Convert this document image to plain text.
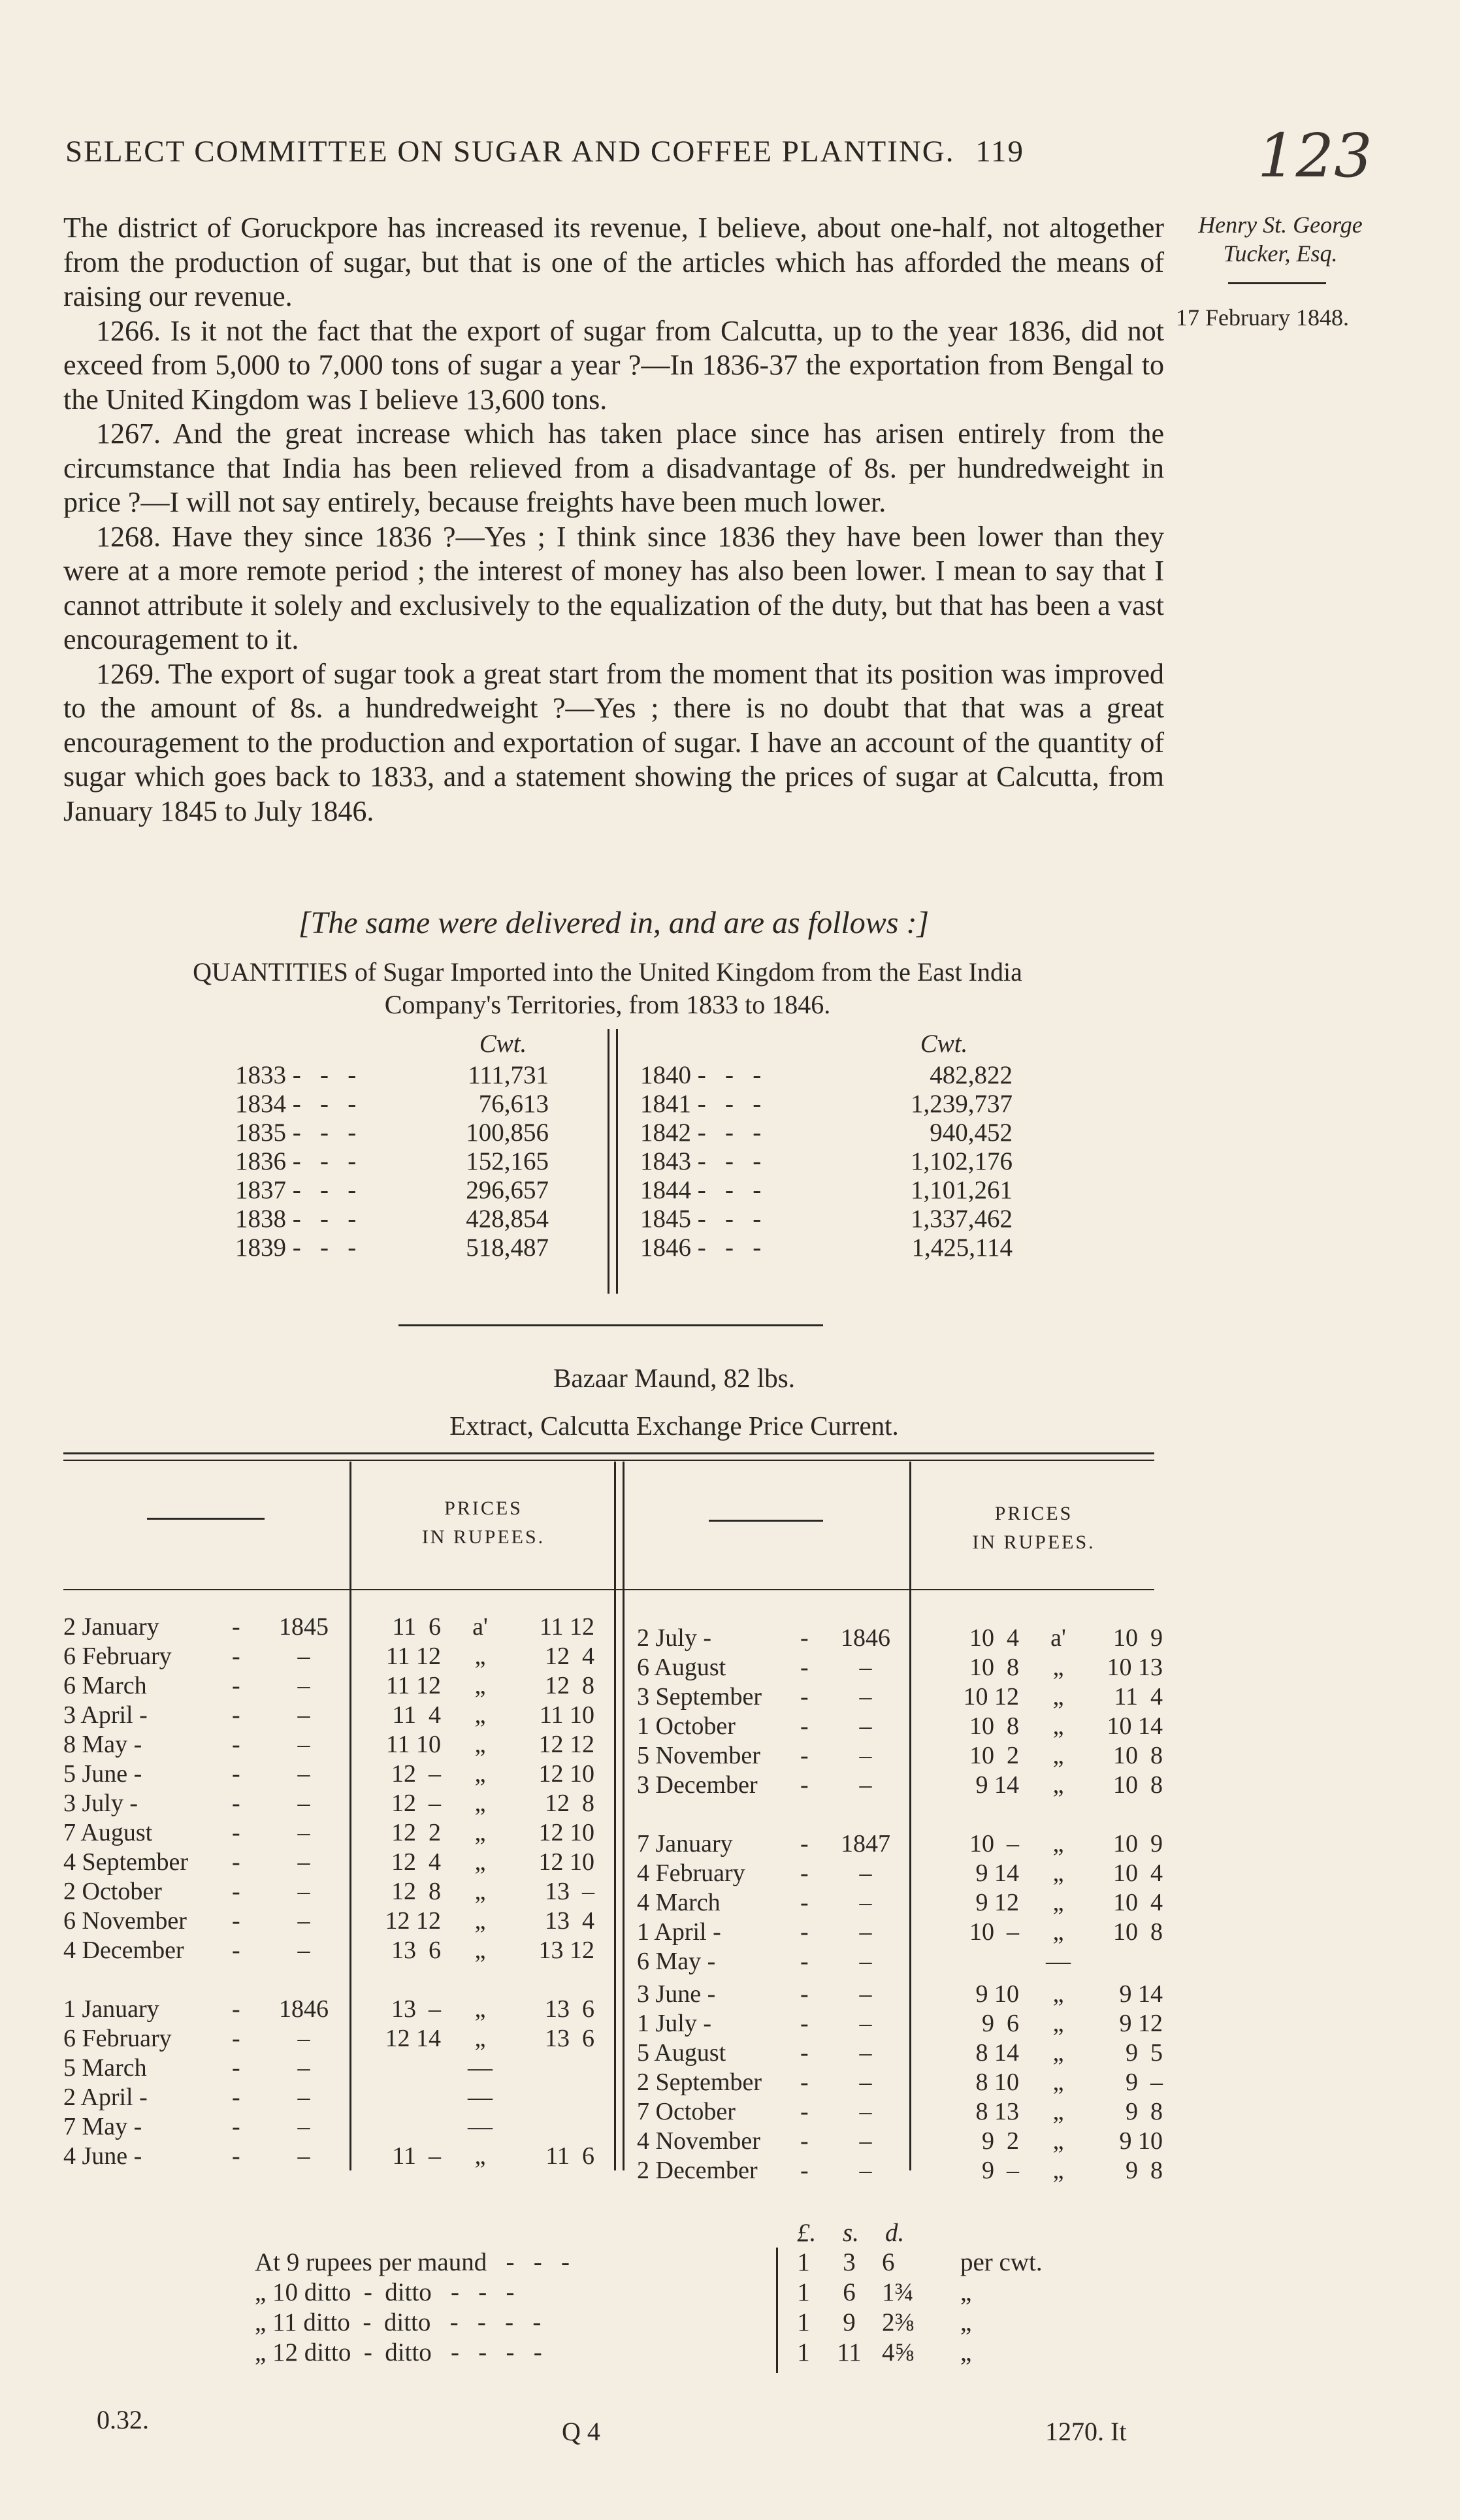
SELECT COMMITTEE ON SUGAR AND COFFEE PLANTING. 119	123
Henry St. George
Tucker, Esq.
17 February 1848.

The district of Goruckpore has increased its revenue, I believe, about one-half, not altogether from the production of sugar, but that is one of the articles which has afforded the means of raising our revenue.

1266. Is it not the fact that the export of sugar from Calcutta, up to the year 1836, did not exceed from 5,000 to 7,000 tons of sugar a year ?—In 1836-37 the exportation from Bengal to the United Kingdom was I believe 13,600 tons.

1267. And the great increase which has taken place since has arisen entirely from the circumstance that India has been relieved from a disadvantage of 8s. per hundredweight in price ?—I will not say entirely, because freights have been much lower.

1268. Have they since 1836 ?—Yes ; I think since 1836 they have been lower than they were at a more remote period ; the interest of money has also been lower. I mean to say that I cannot attribute it solely and exclusively to the equalization of the duty, but that has been a vast encouragement to it.

1269. The export of sugar took a great start from the moment that its position was improved to the amount of 8s. a hundredweight ?—Yes ; there is no doubt that that was a great encouragement to the production and exportation of sugar. I have an account of the quantity of sugar which goes back to 1833, and a statement showing the prices of sugar at Calcutta, from January 1845 to July 1846.

[The same were delivered in, and are as follows :]
QUANTITIES of Sugar Imported into the United Kingdom from the East India
Company's Territories, from 1833 to 1846.
Cwt.
1833 -   -   -	111,731
1834 -   -   -	76,613
1835 -   -   -	100,856
1836 -   -   -	152,165
1837 -   -   -	296,657
1838 -   -   -	428,854
1839 -   -   -	518,487
Cwt.
1840 -   -   -	482,822
1841 -   -   -	1,239,737
1842 -   -   -	940,452
1843 -   -   -	1,102,176
1844 -   -   -	1,101,261
1845 -   -   -	1,337,462
1846 -   -   -	1,425,114
Bazaar Maund, 82 lbs.
Extract, Calcutta Exchange Price Current.
PRICES
IN RUPEES.
PRICES
IN RUPEES.
2 January	-	1845	11  6	a'	11 12
6 February -	–	11 12	„	12  4
6 March	-	–	11 12	„	12  8
3 April -	-	–	11  4	„	11 10
8 May -	-	–	11 10	„	12 12
5 June -	-	–	12  –	„	12 10
3 July -	-	–	12  –	„	12  8
7 August	-	–	12  2	„	12 10
4 September -	–	12  4	„	12 10
2 October	-	–	12  8	„	13  –
6 November -	–	12 12	„	13  4
4 December -	–	13  6	„	13 12
1 January	-	1846	13  –	„	13  6
6 February -	–	12 14	„	13  6
5 March	-	–	—
2 April -	-	–	—
7 May -	-	–	—
4 June -	-	–	11  –	„	11  6
2 July -	-	1846	10  4	a'	10  9
6 August	-	–	10  8	„	10 13
3 September -	–	10 12	„	11  4
1 October	-	–	10  8	„	10 14
5 November -	–	10  2	„	10  8
3 December -	–	9 14	„	10  8
7 January	-	1847	10  –	„	10  9
4 February -	–	9 14	„	10  4
4 March	-	–	9 12	„	10  4
1 April -	-	–	10  –	„	10  8
6 May -	-	–	—
3 June -	-	–	9 10	„	9 14
1 July -	-	–	9  6	„	9 12
5 August	-	–	8 14	„	9  5
2 September -	–	8 10	„	9  –
7 October	-	–	8 13	„	9  8
4 November -	–	9  2	„	9 10
2 December -	–	9  –	„	9  8
£. s. d.
At 9 rupees per maund   -   -   -	1	3	6	per cwt.
„ 10 ditto  -  ditto   -   -   -	1	6	1¾ „
„ 11 ditto  -  ditto   -   -   -   -	1	9	2⅜ „
„ 12 ditto  -  ditto   -   -   -   -	1 11 4⅝ „
0.32.	Q 4	1270. It
